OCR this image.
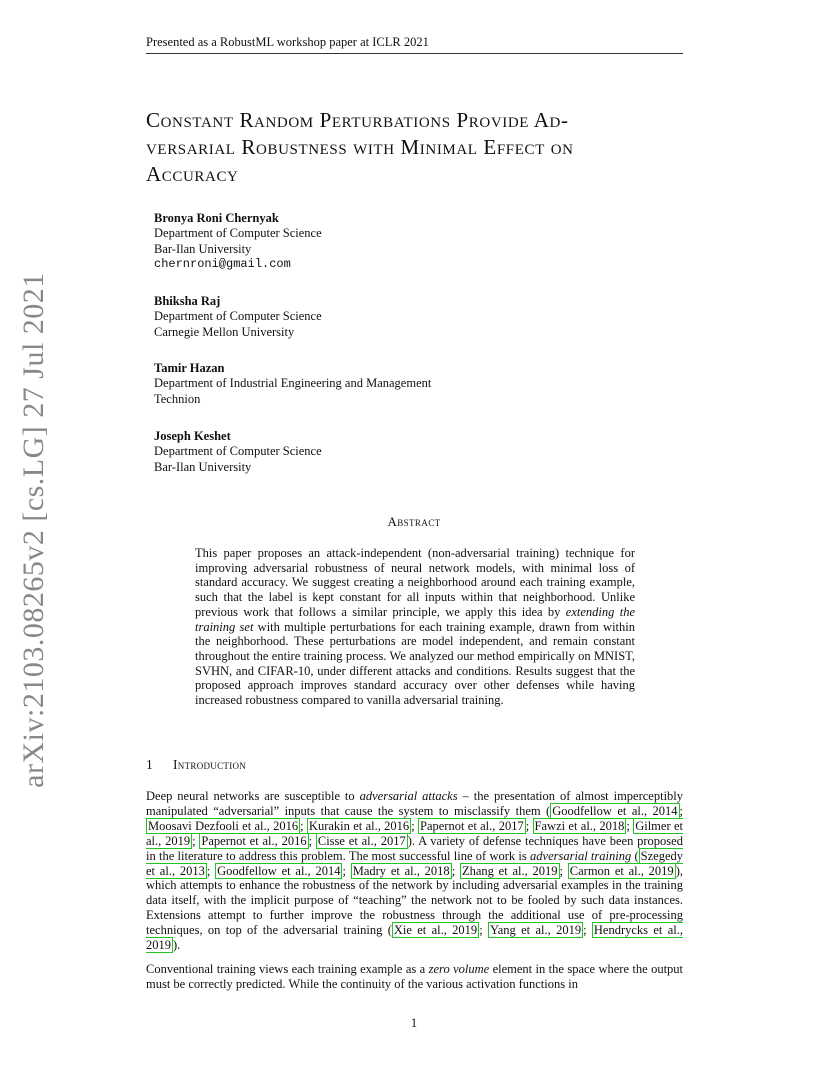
Presented as a RobustML workshop paper at ICLR 2021
Constant Random Perturbations Provide Ad-
versarial Robustness with Minimal Effect on
Accuracy
Bronya Roni Chernyak
Department of Computer Science
Bar-Ilan University
chernroni@gmail.com
Bhiksha Raj
Department of Computer Science
Carnegie Mellon University
Tamir Hazan
Department of Industrial Engineering and Management
Technion
Joseph Keshet
Department of Computer Science
Bar-Ilan University
Abstract
This paper proposes an attack-independent (non-adversarial training) technique for improving adversarial robustness of neural network models, with minimal loss of standard accuracy. We suggest creating a neighborhood around each training example, such that the label is kept constant for all inputs within that neighborhood. Unlike previous work that follows a similar principle, we apply this idea by extending the training set with multiple perturbations for each training example, drawn from within the neighborhood. These perturbations are model independent, and remain constant throughout the entire training process. We analyzed our method empirically on MNIST, SVHN, and CIFAR-10, under different attacks and conditions. Results suggest that the proposed approach improves standard accuracy over other defenses while having increased robustness compared to vanilla adversarial training.
1 Introduction
Deep neural networks are susceptible to adversarial attacks – the presentation of almost imperceptibly manipulated “adversarial” inputs that cause the system to misclassify them ( Goodfellow et al., 2014 ; Moosavi Dezfooli et al., 2016 ; Kurakin et al., 2016 ; Papernot et al., 2017 ; Fawzi et al., 2018 ; Gilmer et al., 2019 ; Papernot et al., 2016 ; Cisse et al., 2017 ). A variety of defense techniques have been proposed in the literature to address this problem. The most successful line of work is adversarial training ( Szegedy et al., 2013 ; Goodfellow et al., 2014 ; Madry et al., 2018 ; Zhang et al., 2019 ; Carmon et al., 2019 ), which attempts to enhance the robustness of the network by including adversarial examples in the training data itself, with the implicit purpose of “teaching” the network not to be fooled by such data instances. Extensions attempt to further improve the robustness through the additional use of pre-processing techniques, on top of the adversarial training ( Xie et al., 2019 ; Yang et al., 2019 ; Hendrycks et al., 2019 ).
Conventional training views each training example as a zero volume element in the space where the output must be correctly predicted. While the continuity of the various activation functions in
1
arXiv:2103.08265v2 [cs.LG] 27 Jul 2021
